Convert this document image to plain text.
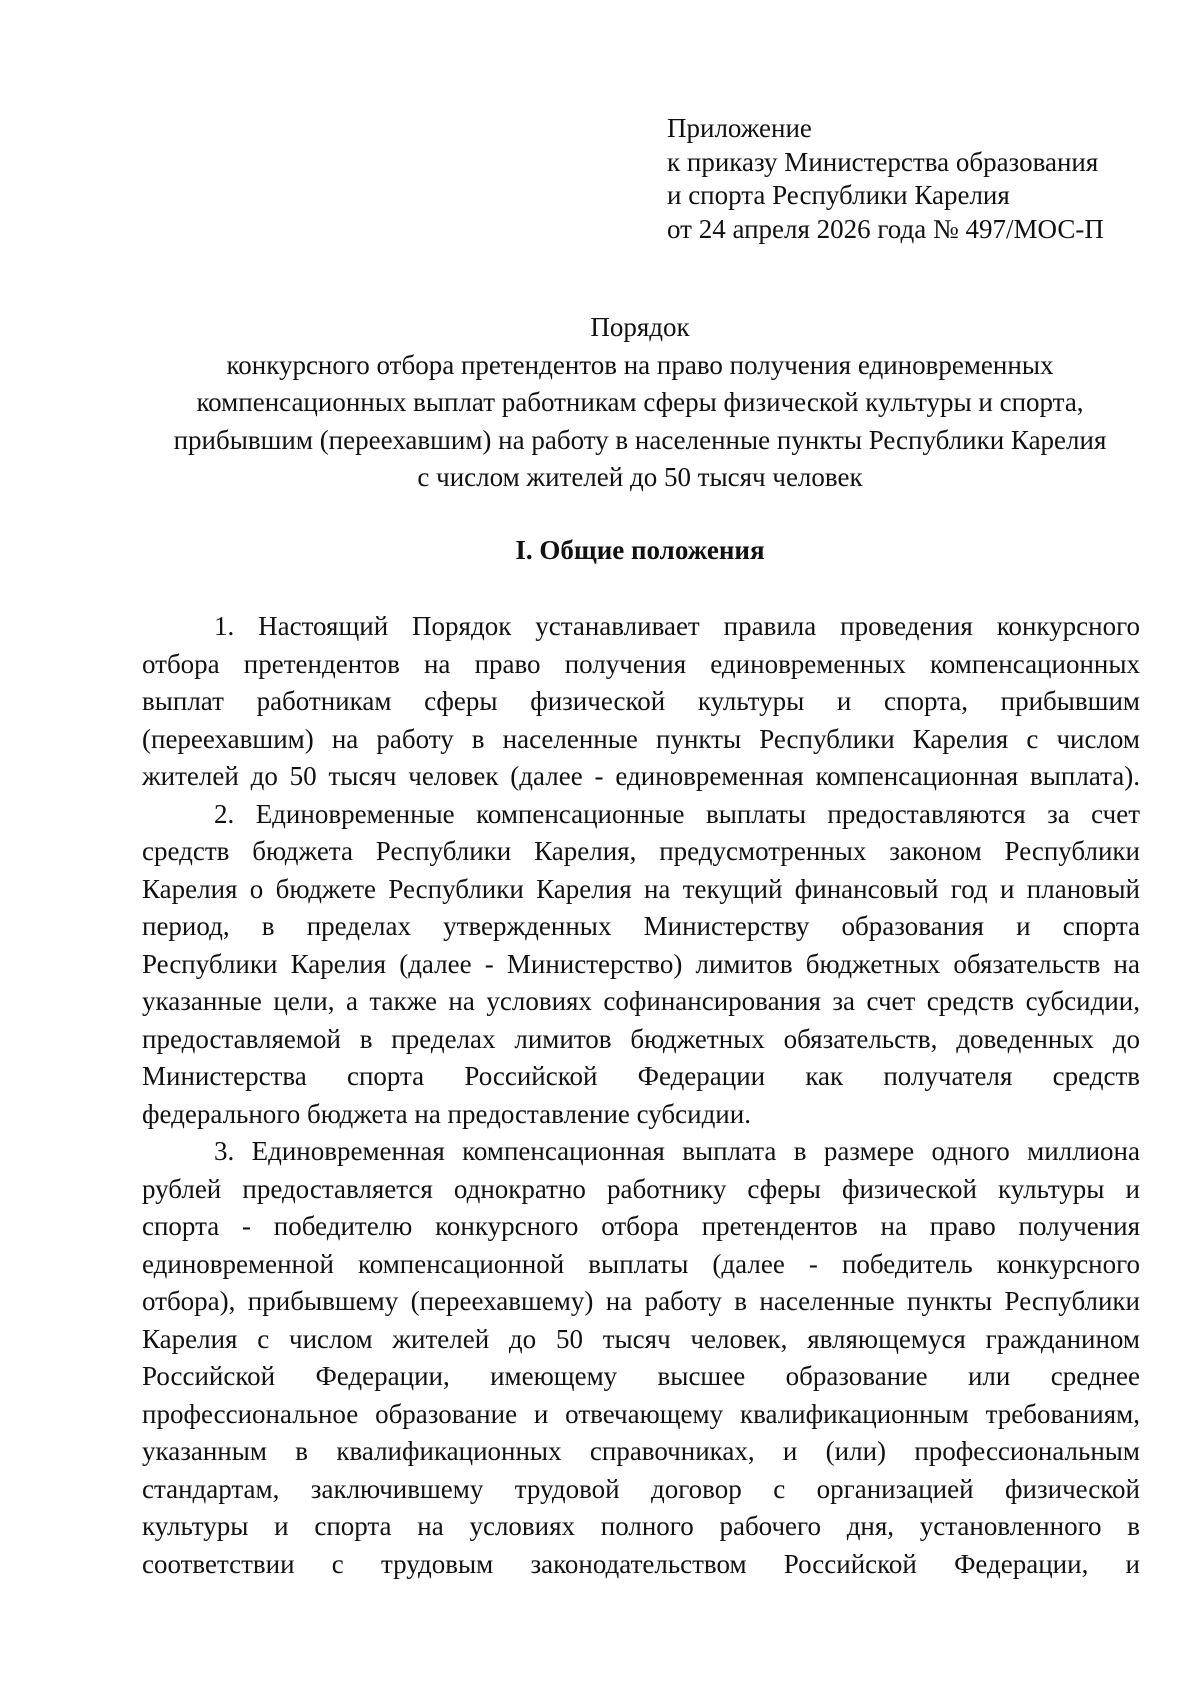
Приложение
к приказу Министерства образования
и спорта Республики Карелия
от 24 апреля 2026 года № 497/МОС-П
Порядок
конкурсного отбора претендентов на право получения единовременных
компенсационных выплат работникам сферы физической культуры и спорта,
прибывшим (переехавшим) на работу в населенные пункты Республики Карелия
с числом жителей до 50 тысяч человек
I. Общие положения
1. Настоящий Порядок устанавливает правила проведения конкурсного
отбора претендентов на право получения единовременных компенсационных
выплат работникам сферы физической культуры и спорта, прибывшим
(переехавшим) на работу в населенные пункты Республики Карелия с числом
жителей до 50 тысяч человек (далее - единовременная компенсационная выплата).
2. Единовременные компенсационные выплаты предоставляются за счет
средств бюджета Республики Карелия, предусмотренных законом Республики
Карелия о бюджете Республики Карелия на текущий финансовый год и плановый
период, в пределах утвержденных Министерству образования и спорта
Республики Карелия (далее - Министерство) лимитов бюджетных обязательств на
указанные цели, а также на условиях софинансирования за счет средств субсидии,
предоставляемой в пределах лимитов бюджетных обязательств, доведенных до
Министерства спорта Российской Федерации как получателя средств
федерального бюджета на предоставление субсидии.
3. Единовременная компенсационная выплата в размере одного миллиона
рублей предоставляется однократно работнику сферы физической культуры и
спорта - победителю конкурсного отбора претендентов на право получения
единовременной компенсационной выплаты (далее - победитель конкурсного
отбора), прибывшему (переехавшему) на работу в населенные пункты Республики
Карелия с числом жителей до 50 тысяч человек, являющемуся гражданином
Российской Федерации, имеющему высшее образование или среднее
профессиональное образование и отвечающему квалификационным требованиям,
указанным в квалификационных справочниках, и (или) профессиональным
стандартам, заключившему трудовой договор с организацией физической
культуры и спорта на условиях полного рабочего дня, установленного в
соответствии с трудовым законодательством Российской Федерации, и
